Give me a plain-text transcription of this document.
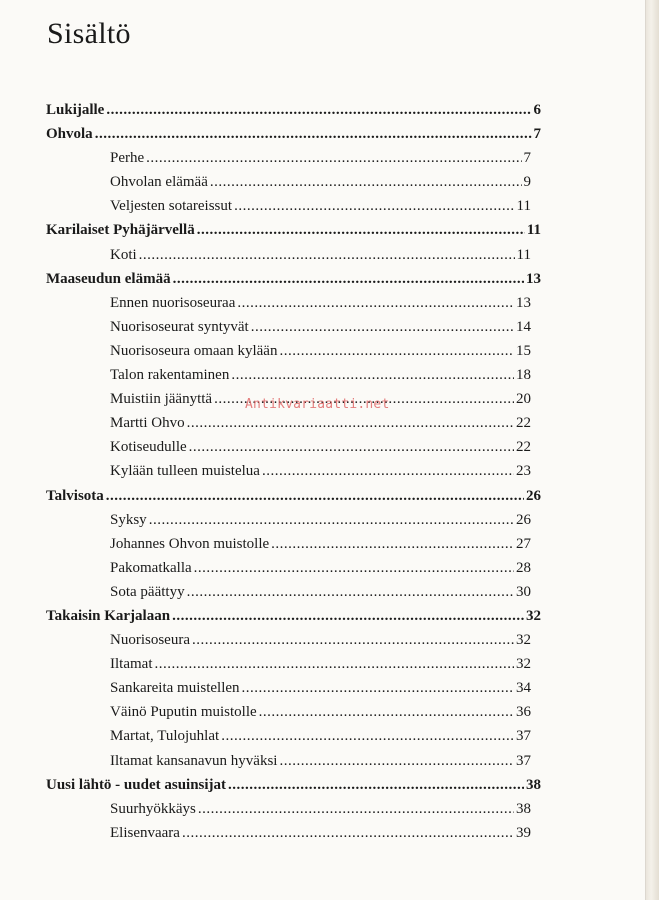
Sisältö
Lukijalle .....	6
Ohvola .....	7
Perhe .....	7
Ohvolan elämää .....	9
Veljesten sotareissut .....	11
Karilaiset Pyhäjärvellä .....	11
Koti .....	11
Maaseudun elämää .....	13
Ennen nuorisoseuraa .....	13
Nuorisoseurat syntyvät .....	14
Nuorisoseura omaan kylään .....	15
Talon rakentaminen .....	18
Muistiin jäänyttä .....	20
Martti Ohvo .....	22
Kotiseudulle .....	22
Kylään tulleen muistelua .....	23
Talvisota .....	26
Syksy .....	26
Johannes Ohvon muistolle .....	27
Pakomatkalla .....	28
Sota päättyy .....	30
Takaisin Karjalaan .....	32
Nuorisoseura .....	32
Iltamat .....	32
Sankareita muistellen .....	34
Väinö Puputin muistolle .....	36
Martat, Tulojuhlat .....	37
Iltamat kansanavun hyväksi .....	37
Uusi lähtö - uudet asuinsijat .....	38
Suurhyökkäys .....	38
Elisenvaara .....	39
Antikvariaatti.net
